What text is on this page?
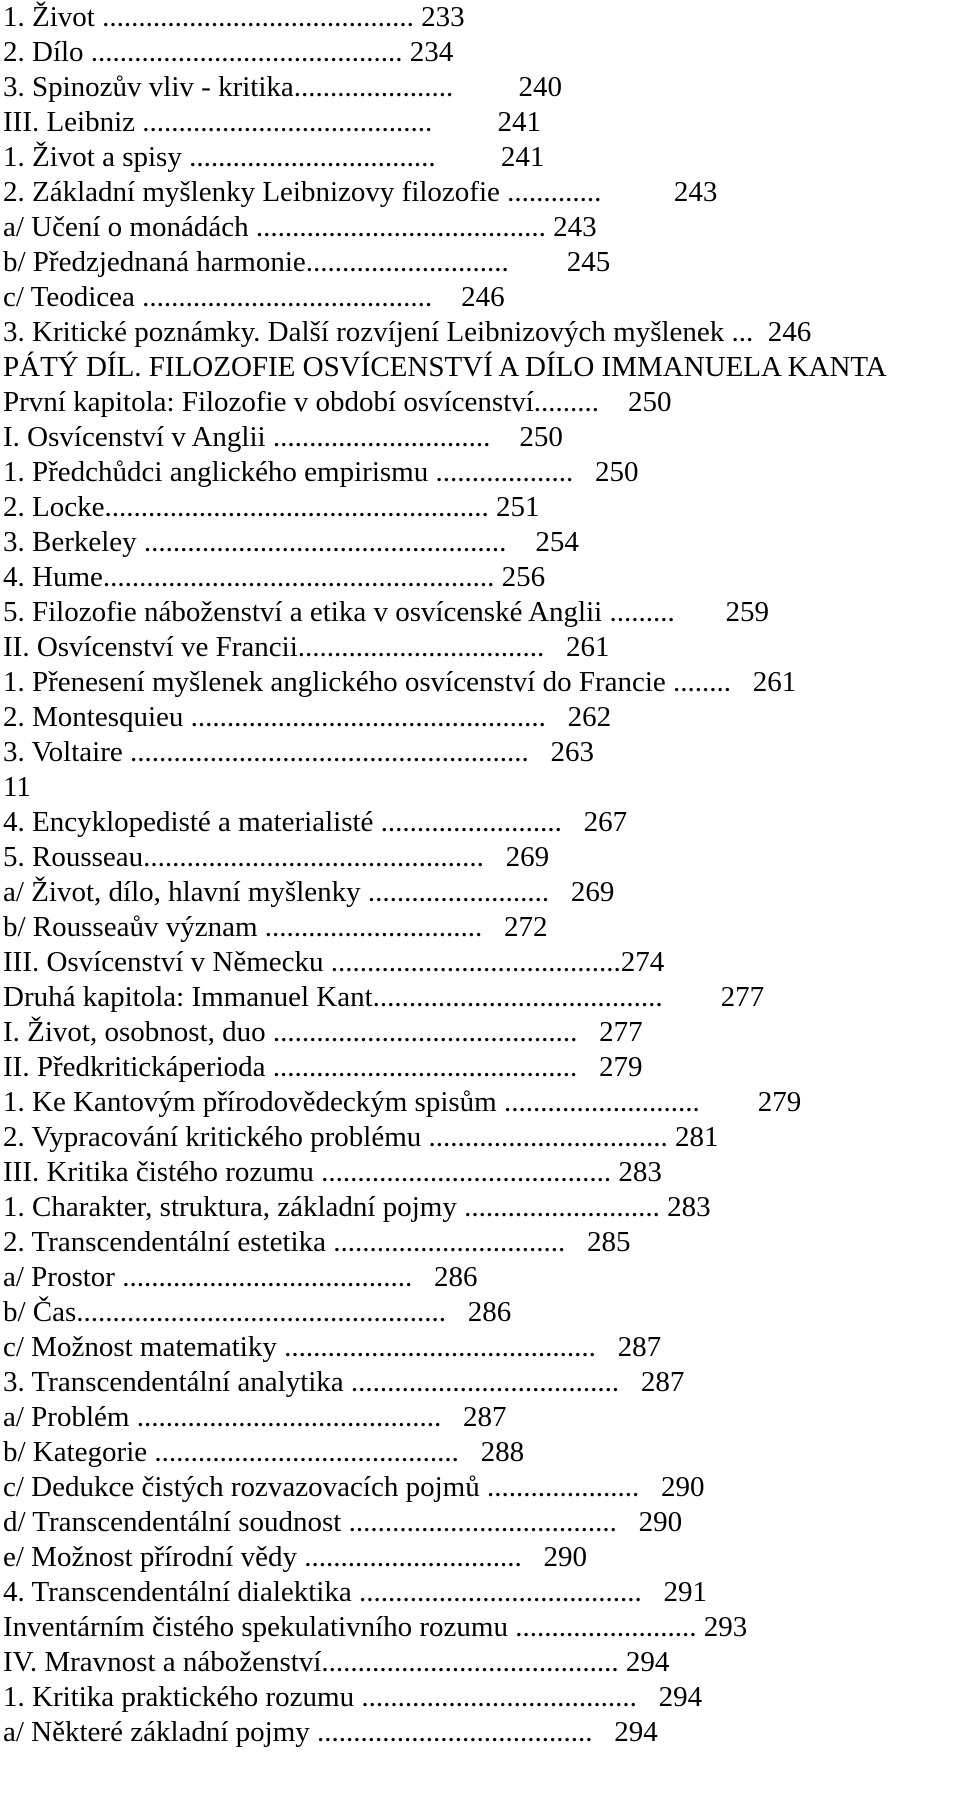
1. Život ........................................... 233

2. Dílo ........................................... 234

3. Spinozův vliv - kritika......................         240

III. Leibniz ........................................         241

1. Život a spisy ..................................         241

2. Základní myšlenky Leibnizovy filozofie .............          243

a/ Učení o monádách ........................................ 243

b/ Předzjednaná harmonie............................        245

c/ Teodicea ........................................    246

3. Kritické poznámky. Další rozvíjení Leibnizových myšlenek ...  246

PÁTÝ DÍL. FILOZOFIE OSVÍCENSTVÍ A DÍLO IMMANUELA KANTA

První kapitola: Filozofie v období osvícenství.........    250

I. Osvícenství v Anglii ..............................    250

1. Předchůdci anglického empirismu ...................   250

2. Locke..................................................... 251

3. Berkeley ..................................................    254

4. Hume...................................................... 256

5. Filozofie náboženství a etika v osvícenské Anglii .........       259

II. Osvícenství ve Francii..................................   261

1. Přenesení myšlenek anglického osvícenství do Francie ........   261

2. Montesquieu .................................................   262

3. Voltaire .......................................................   263

11

4. Encyklopedisté a materialisté .........................   267

5. Rousseau...............................................   269

a/ Život, dílo, hlavní myšlenky .........................   269

b/ Rousseaův význam ..............................   272

III. Osvícenství v Německu ........................................274

Druhá kapitola: Immanuel Kant........................................        277

I. Život, osobnost, duo ..........................................   277

II. Předkritickáperioda ..........................................   279

1. Ke Kantovým přírodovědeckým spisům ...........................        279

2. Vypracování kritického problému ................................. 281

III. Kritika čistého rozumu ........................................ 283

1. Charakter, struktura, základní pojmy ........................... 283

2. Transcendentální estetika ................................   285

a/ Prostor ........................................   286

b/ Čas...................................................   286

c/ Možnost matematiky ...........................................   287

3. Transcendentální analytika .....................................   287

a/ Problém ..........................................   287

b/ Kategorie ..........................................   288

c/ Dedukce čistých rozvazovacích pojmů .....................   290

d/ Transcendentální soudnost .....................................   290

e/ Možnost přírodní vědy ..............................   290

4. Transcendentální dialektika .......................................   291

Inventárním čistého spekulativního rozumu ......................... 293

IV. Mravnost a náboženství......................................... 294

1. Kritika praktického rozumu ......................................   294

a/ Některé základní pojmy ......................................   294
